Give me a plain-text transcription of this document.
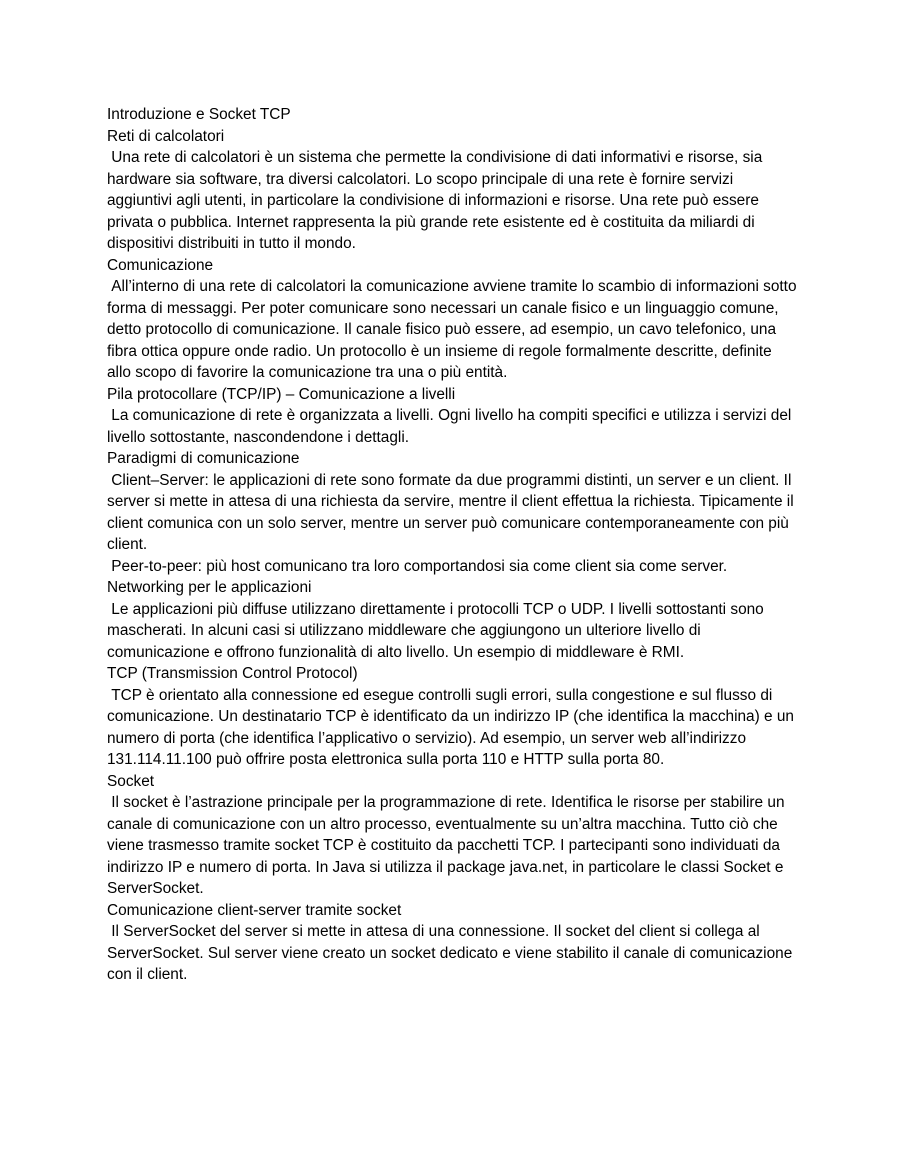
Introduzione e Socket TCP

Reti di calcolatori

Una rete di calcolatori è un sistema che permette la condivisione di dati informativi e risorse, sia hardware sia software, tra diversi calcolatori. Lo scopo principale di una rete è fornire servizi aggiuntivi agli utenti, in particolare la condivisione di informazioni e risorse. Una rete può essere privata o pubblica. Internet rappresenta la più grande rete esistente ed è costituita da miliardi di dispositivi distribuiti in tutto il mondo.

Comunicazione

All’interno di una rete di calcolatori la comunicazione avviene tramite lo scambio di informazioni sotto forma di messaggi. Per poter comunicare sono necessari un canale fisico e un linguaggio comune, detto protocollo di comunicazione. Il canale fisico può essere, ad esempio, un cavo telefonico, una fibra ottica oppure onde radio. Un protocollo è un insieme di regole formalmente descritte, definite allo scopo di favorire la comunicazione tra una o più entità.

Pila protocollare (TCP/IP) – Comunicazione a livelli

La comunicazione di rete è organizzata a livelli. Ogni livello ha compiti specifici e utilizza i servizi del livello sottostante, nascondendone i dettagli.

Paradigmi di comunicazione

Client–Server: le applicazioni di rete sono formate da due programmi distinti, un server e un client. Il server si mette in attesa di una richiesta da servire, mentre il client effettua la richiesta. Tipicamente il client comunica con un solo server, mentre un server può comunicare contemporaneamente con più client.

Peer-to-peer: più host comunicano tra loro comportandosi sia come client sia come server.

Networking per le applicazioni

Le applicazioni più diffuse utilizzano direttamente i protocolli TCP o UDP. I livelli sottostanti sono mascherati. In alcuni casi si utilizzano middleware che aggiungono un ulteriore livello di comunicazione e offrono funzionalità di alto livello. Un esempio di middleware è RMI.

TCP (Transmission Control Protocol)

TCP è orientato alla connessione ed esegue controlli sugli errori, sulla congestione e sul flusso di comunicazione. Un destinatario TCP è identificato da un indirizzo IP (che identifica la macchina) e un numero di porta (che identifica l’applicativo o servizio). Ad esempio, un server web all’indirizzo 131.114.11.100 può offrire posta elettronica sulla porta 110 e HTTP sulla porta 80.

Socket

Il socket è l’astrazione principale per la programmazione di rete. Identifica le risorse per stabilire un canale di comunicazione con un altro processo, eventualmente su un’altra macchina. Tutto ciò che viene trasmesso tramite socket TCP è costituito da pacchetti TCP. I partecipanti sono individuati da indirizzo IP e numero di porta. In Java si utilizza il package java.net, in particolare le classi Socket e ServerSocket.

Comunicazione client-server tramite socket

Il ServerSocket del server si mette in attesa di una connessione. Il socket del client si collega al ServerSocket. Sul server viene creato un socket dedicato e viene stabilito il canale di comunicazione con il client.
